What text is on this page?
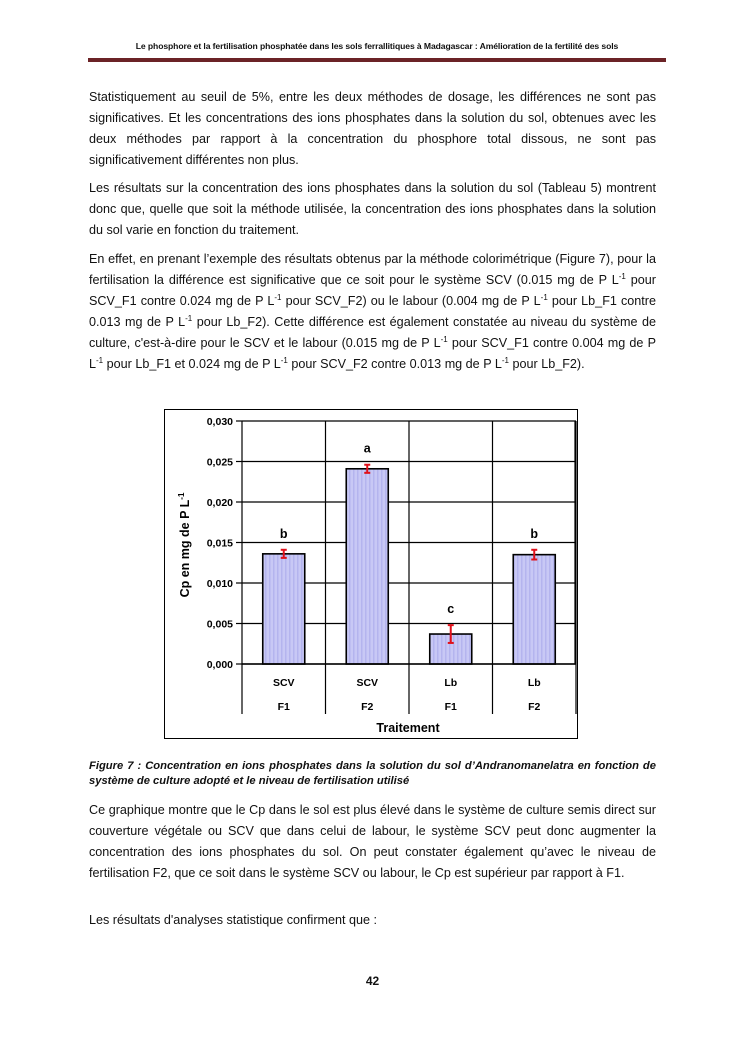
Le phosphore et la fertilisation phosphatée dans les sols ferrallitiques à Madagascar : Amélioration de la fertilité des sols

Statistiquement au seuil de 5%, entre les deux méthodes de dosage, les différences ne sont pas significatives. Et les concentrations des ions phosphates dans la solution du sol, obtenues avec les deux méthodes par rapport à la concentration du phosphore total dissous, ne sont pas significativement différentes non plus.

Les résultats sur la concentration des ions phosphates dans la solution du sol (Tableau 5) montrent donc que, quelle que soit la méthode utilisée, la concentration des ions phosphates dans la solution du sol varie en fonction du traitement.

En effet, en prenant l’exemple des résultats obtenus par la méthode colorimétrique (Figure 7), pour la fertilisation la différence est significative que ce soit pour le système SCV (0.015 mg de P $L^{-1}$ pour SCV_F1 contre 0.024 mg de P $L^{-1}$ pour SCV_F2) ou le labour (0.004 mg de P $L^{-1}$ pour Lb_F1 contre 0.013 mg de P $L^{-1}$ pour Lb_F2). Cette différence est également constatée au niveau du système de culture, c'est-à-dire pour le SCV et le labour (0.015 mg de P $L^{-1}$ pour SCV_F1 contre 0.004 mg de P $L^{-1}$ pour Lb_F1 et 0.024 mg de P $L^{-1}$ pour SCV_F2 contre 0.013 mg de P $L^{-1}$ pour Lb_F2).

b
a
c
b
0,000
0,005
0,010
0,015
0,020
0,025
0,030
SCV
F1
SCV
F2
Lb
F1
Lb
F2
Cp en mg de P $L^{-1}$
Traitement

Figure 7 : Concentration en ions phosphates dans la solution du sol d’Andranomanelatra en fonction de système de culture adopté et le niveau de fertilisation utilisé

Ce graphique montre que le Cp dans le sol est plus élevé dans le système de culture semis direct sur couverture végétale ou SCV que dans celui de labour, le système SCV peut donc augmenter la concentration des ions phosphates du sol. On peut constater également qu’avec le niveau de fertilisation F2, que ce soit dans le système SCV ou labour, le Cp est supérieur par rapport à F1.

Les résultats d'analyses statistique confirment que :

42
